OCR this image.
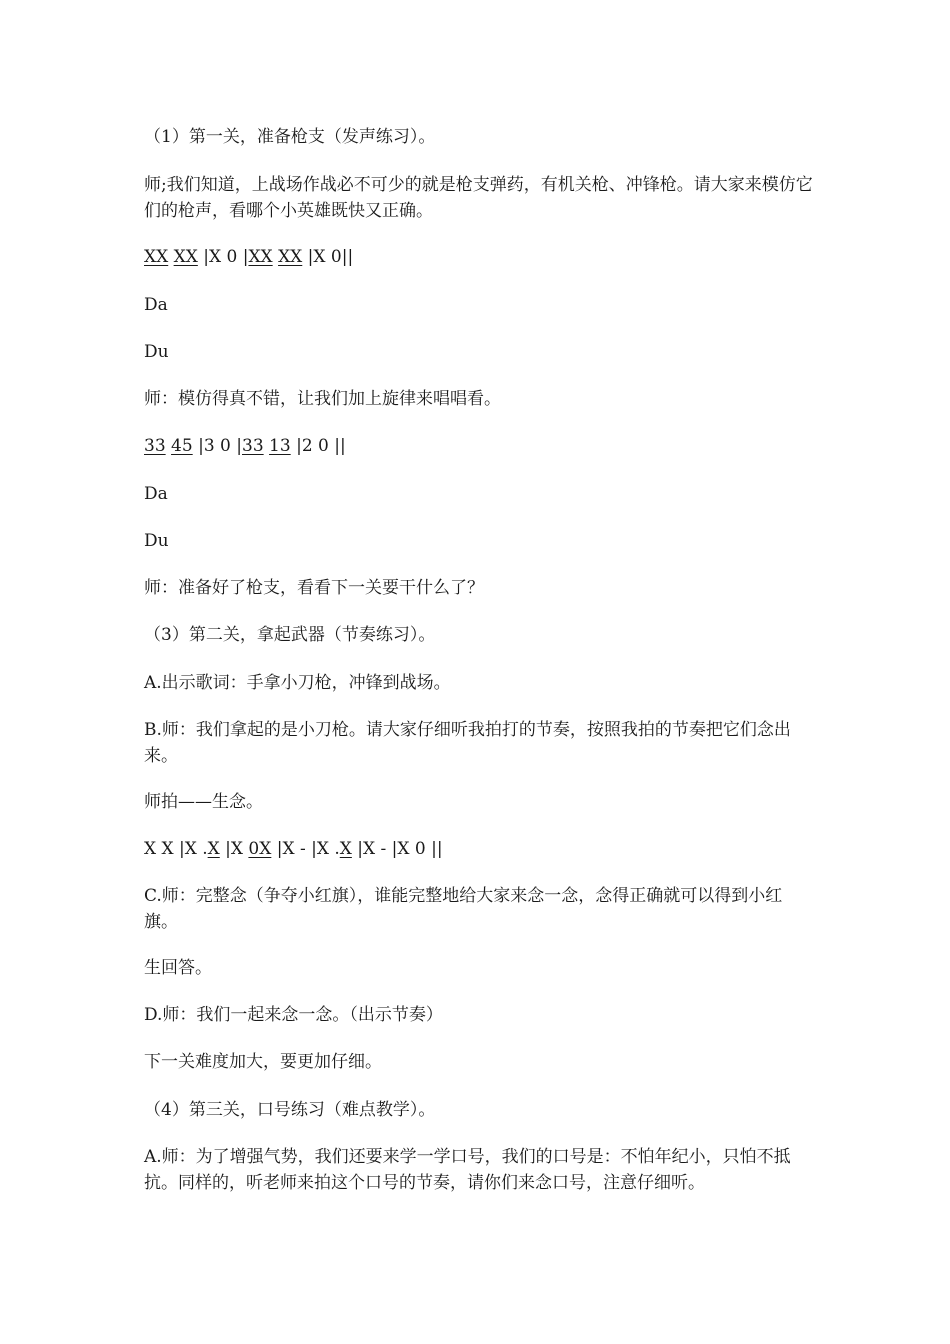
（1）第一关，准备枪支（发声练习）。

师;我们知道，上战场作战必不可少的就是枪支弹药，有机关枪、冲锋枪。请大家来模仿它们的枪声，看哪个小英雄既快又正确。

XX XX |X 0 |XX XX |X 0||

Da

Du

师：模仿得真不错，让我们加上旋律来唱唱看。

33 45 |3 0 |33 13 |2 0 ||

Da

Du

师：准备好了枪支，看看下一关要干什么了？

（3）第二关，拿起武器（节奏练习）。

A.出示歌词：手拿小刀枪，冲锋到战场。

B.师：我们拿起的是小刀枪。请大家仔细听我拍打的节奏，按照我拍的节奏把它们念出来。

师拍——生念。

X X |X .X |X 0X |X - |X .X |X - |X 0 ||

C.师：完整念（争夺小红旗），谁能完整地给大家来念一念，念得正确就可以得到小红旗。

生回答。

D.师：我们一起来念一念。（出示节奏）

下一关难度加大，要更加仔细。

（4）第三关，口号练习（难点教学）。

A.师：为了增强气势，我们还要来学一学口号，我们的口号是：不怕年纪小，只怕不抵抗。同样的，听老师来拍这个口号的节奏，请你们来念口号，注意仔细听。
